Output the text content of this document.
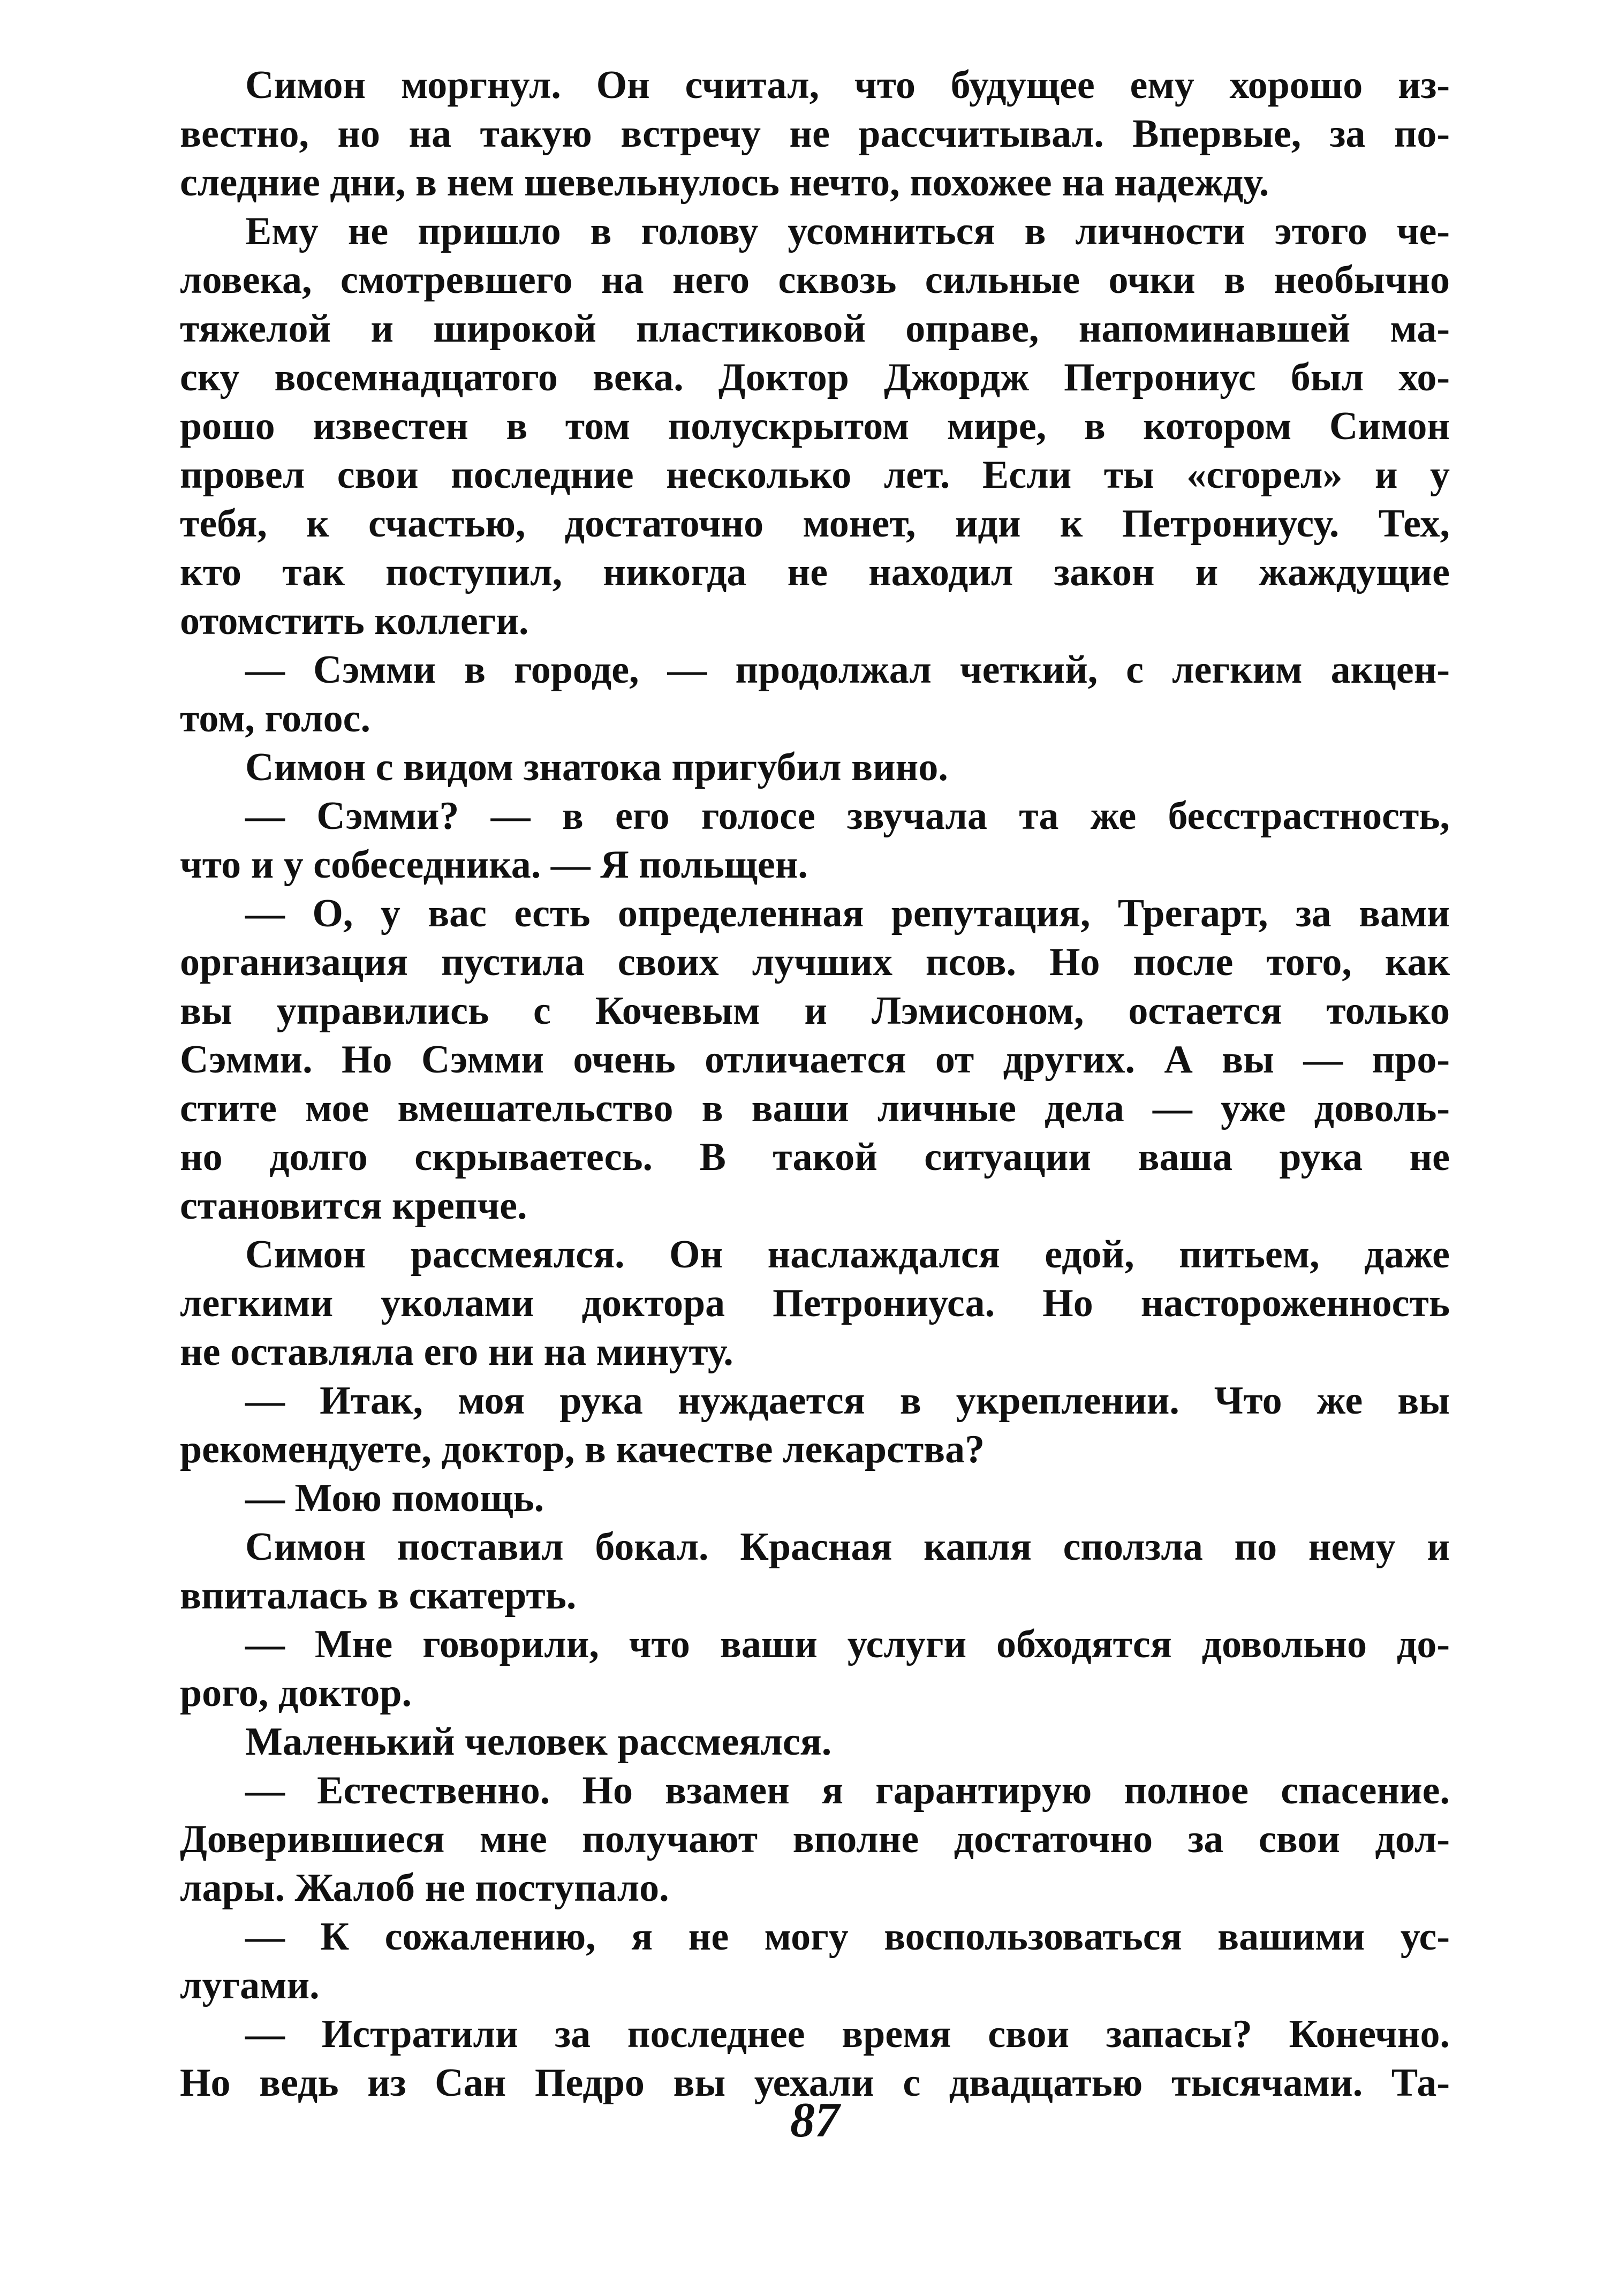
Симон моргнул. Он считал, что будущее ему хорошо из-
вестно, но на такую встречу не рассчитывал. Впервые, за по-
следние дни, в нем шевельнулось нечто, похожее на надежду.
Ему не пришло в голову усомниться в личности этого че-
ловека, смотревшего на него сквозь сильные очки в необычно
тяжелой и широкой пластиковой оправе, напоминавшей ма-
ску восемнадцатого века. Доктор Джордж Петрониус был хо-
рошо известен в том полускрытом мире, в котором Симон
провел свои последние несколько лет. Если ты «сгорел» и у
тебя, к счастью, достаточно монет, иди к Петрониусу. Тех,
кто так поступил, никогда не находил закон и жаждущие
отомстить коллеги.
— Сэмми в городе, — продолжал четкий, с легким акцен-
том, голос.
Симон с видом знатока пригубил вино.
— Сэмми? — в его голосе звучала та же бесстрастность,
что и у собеседника. — Я польщен.
— О, у вас есть определенная репутация, Трегарт, за вами
организация пустила своих лучших псов. Но после того, как
вы управились с Кочевым и Лэмисоном, остается только
Сэмми. Но Сэмми очень отличается от других. А вы — про-
стите мое вмешательство в ваши личные дела — уже доволь-
но долго скрываетесь. В такой ситуации ваша рука не
становится крепче.
Симон рассмеялся. Он наслаждался едой, питьем, даже
легкими уколами доктора Петрониуса. Но настороженность
не оставляла его ни на минуту.
— Итак, моя рука нуждается в укреплении. Что же вы
рекомендуете, доктор, в качестве лекарства?
— Мою помощь.
Симон поставил бокал. Красная капля сползла по нему и
впиталась в скатерть.
— Мне говорили, что ваши услуги обходятся довольно до-
рого, доктор.
Маленький человек рассмеялся.
— Естественно. Но взамен я гарантирую полное спасение.
Доверившиеся мне получают вполне достаточно за свои дол-
лары. Жалоб не поступало.
— К сожалению, я не могу воспользоваться вашими ус-
лугами.
— Истратили за последнее время свои запасы? Конечно.
Но ведь из Сан Педро вы уехали с двадцатью тысячами. Та-
87
